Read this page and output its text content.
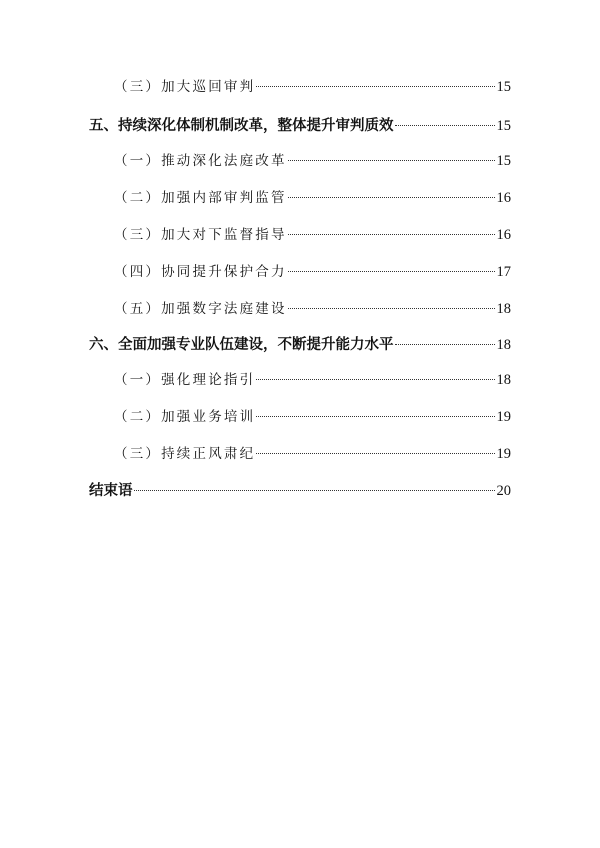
（三）加大巡回审判	15
五、持续深化体制机制改革，整体提升审判质效	15
（一）推动深化法庭改革	15
（二）加强内部审判监管	16
（三）加大对下监督指导	16
（四）协同提升保护合力	17
（五）加强数字法庭建设	18
六、全面加强专业队伍建设，不断提升能力水平	18
（一）强化理论指引	18
（二）加强业务培训	19
（三）持续正风肃纪	19
结束语	20
